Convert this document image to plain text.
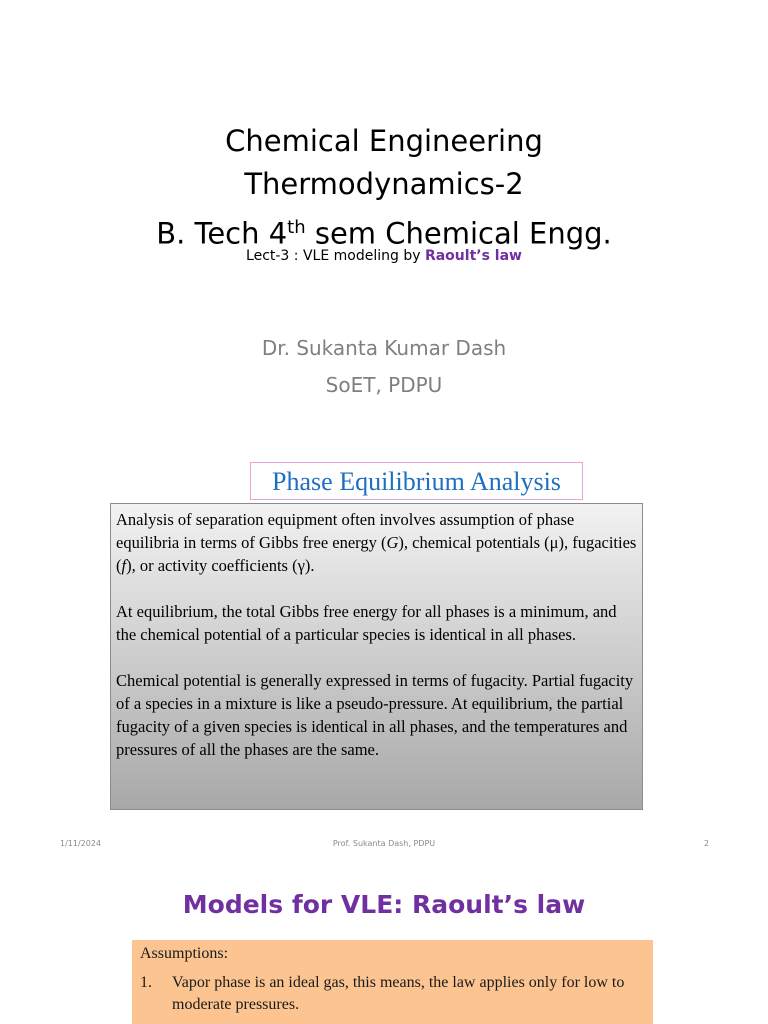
Chemical Engineering
Thermodynamics-2
B. Tech 4th sem Chemical Engg.
Lect-3 : VLE modeling by Raoult’s law
Dr. Sukanta Kumar Dash
SoET, PDPU
Phase Equilibrium Analysis

Analysis of separation equipment often involves assumption of phase equilibria in terms of Gibbs free energy (G), chemical potentials (μ), fugacities (f), or activity coefficients (γ).

At equilibrium, the total Gibbs free energy for all phases is a minimum, and the chemical potential of a particular species is identical in all phases.

Chemical potential is generally expressed in terms of fugacity. Partial fugacity of a species in a mixture is like a pseudo-pressure. At equilibrium, the partial fugacity of a given species is identical in all phases, and the temperatures and pressures of all the phases are the same.

1/11/2024	Prof. Sukanta Dash, PDPU	2
Models for VLE: Raoult’s law
Assumptions:
1.	Vapor phase is an ideal gas, this means, the law applies only for low to moderate pressures.
